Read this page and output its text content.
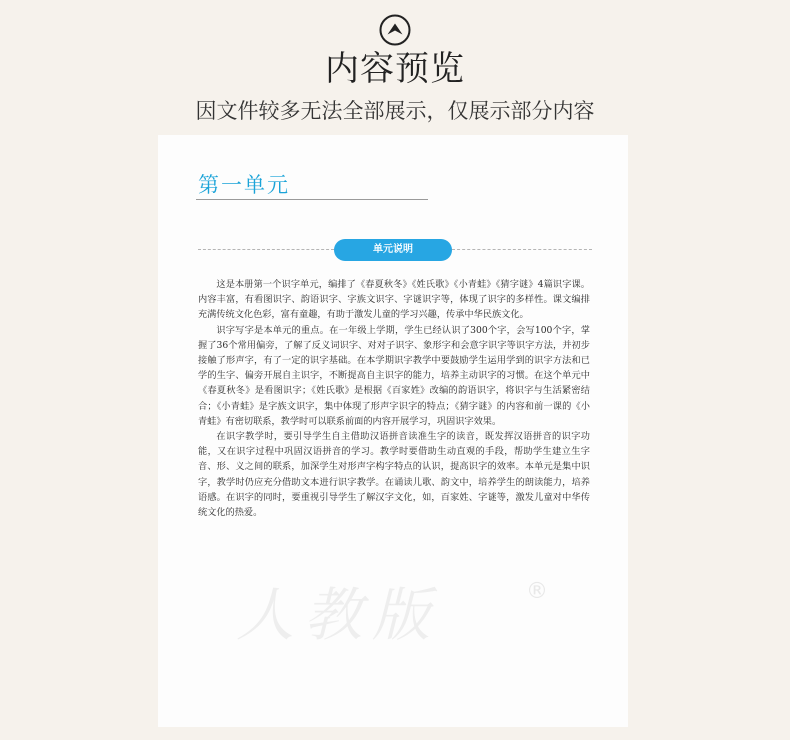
内容预览
因文件较多无法全部展示，仅展示部分内容
第一单元
单元说明

这是本册第一个识字单元，编排了《春夏秋冬》《姓氏歌》《小青蛙》《猜字谜》4篇识字课。内容丰富，有看图识字、韵语识字、字族文识字、字谜识字等，体现了识字的多样性。课文编排充满传统文化色彩，富有童趣，有助于激发儿童的学习兴趣，传承中华民族文化。

识字写字是本单元的重点。在一年级上学期，学生已经认识了300个字，会写100个字，掌握了36个常用偏旁，了解了反义词识字、对对子识字、象形字和会意字识字等识字方法，并初步接触了形声字，有了一定的识字基础。在本学期识字教学中要鼓励学生运用学到的识字方法和已学的生字、偏旁开展自主识字，不断提高自主识字的能力，培养主动识字的习惯。在这个单元中《春夏秋冬》是看图识字；《姓氏歌》是根据《百家姓》改编的韵语识字，将识字与生活紧密结合；《小青蛙》是字族文识字，集中体现了形声字识字的特点；《猜字谜》的内容和前一课的《小青蛙》有密切联系，教学时可以联系前面的内容开展学习，巩固识字效果。

在识字教学时，要引导学生自主借助汉语拼音读准生字的读音，既发挥汉语拼音的识字功能，又在识字过程中巩固汉语拼音的学习。教学时要借助生动直观的手段，帮助学生建立生字音、形、义之间的联系，加深学生对形声字构字特点的认识，提高识字的效率。本单元是集中识字，教学时仍应充分借助文本进行识字教学。在诵读儿歌、韵文中，培养学生的朗读能力，培养语感。在识字的同时，要重视引导学生了解汉字文化，如，百家姓、字谜等，激发儿童对中华传统文化的热爱。

人教版	®
